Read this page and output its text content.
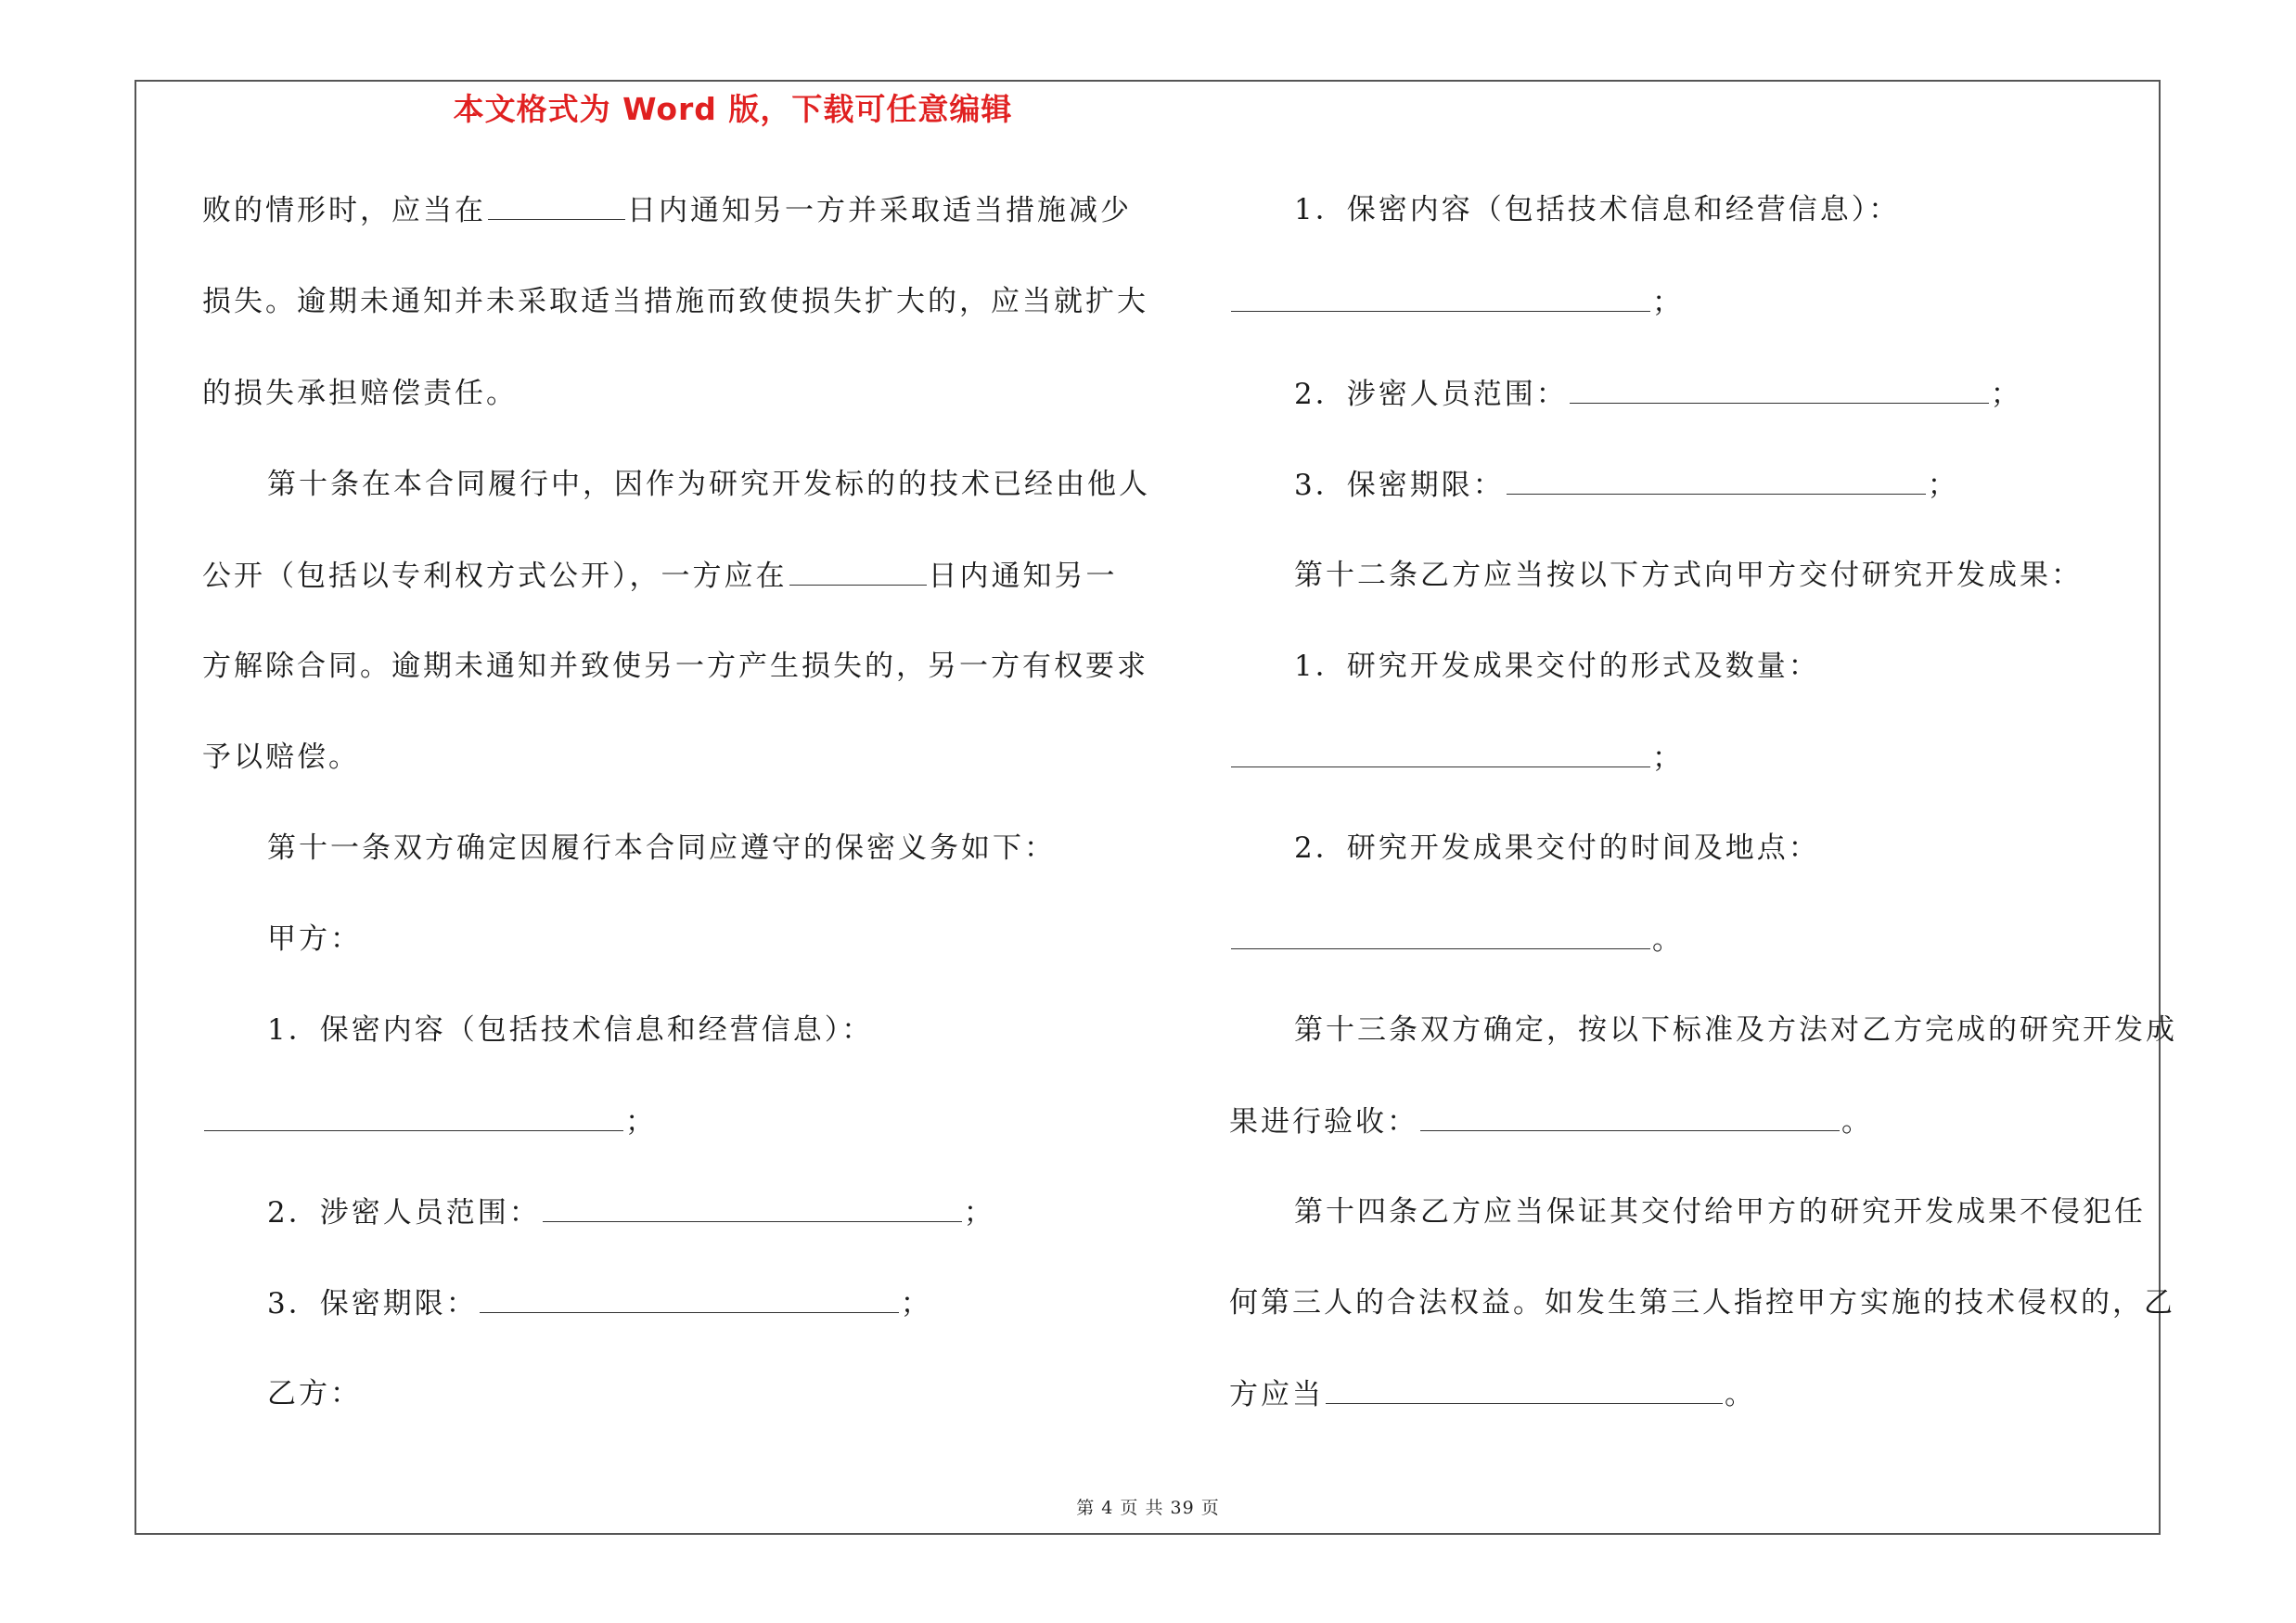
本文格式为 Word 版，下载可任意编辑
败的情形时，应当在	日内通知另一方并采取适当措施减少
损失。逾期未通知并未采取适当措施而致使损失扩大的，应当就扩大
的损失承担赔偿责任。
第十条在本合同履行中，因作为研究开发标的的技术已经由他人
公开（包括以专利权方式公开），一方应在	日内通知另一
方解除合同。逾期未通知并致使另一方产生损失的，另一方有权要求
予以赔偿。
第十一条双方确定因履行本合同应遵守的保密义务如下：
甲方：
1．保密内容（包括技术信息和经营信息）：
；
2．涉密人员范围：	；
3．保密期限：	；
乙方：
1．保密内容（包括技术信息和经营信息）：
；
2．涉密人员范围：	；
3．保密期限：	；
第十二条乙方应当按以下方式向甲方交付研究开发成果：
1．研究开发成果交付的形式及数量：
；
2．研究开发成果交付的时间及地点：
。
第十三条双方确定，按以下标准及方法对乙方完成的研究开发成
果进行验收：	。
第十四条乙方应当保证其交付给甲方的研究开发成果不侵犯任
何第三人的合法权益。如发生第三人指控甲方实施的技术侵权的，乙
方应当	。
第 4 页 共 39 页
